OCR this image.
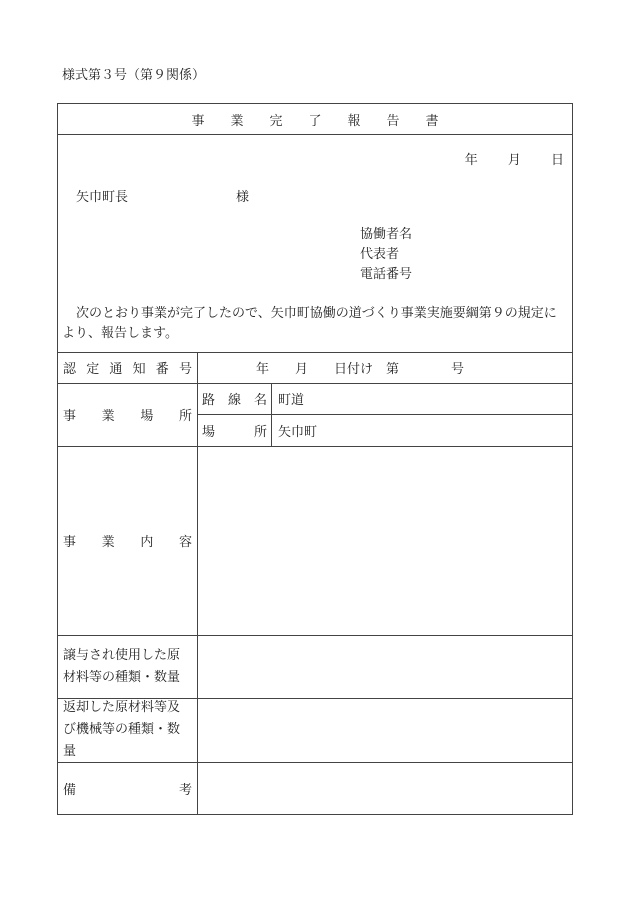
様式第３号（第９関係）
事業完了報告書
年 月 日
矢巾町長	様
協働者名
代表者
電話番号
次のとおり事業が完了したので、矢巾町協働の道づくり事業実施要綱第９の規定により、報告します。
認 定 通 知 番 号	年　　月　　日付け　第　　　　号
事 業 場 所
路 線 名 町道
場	所 矢巾町
事 業 内 容
譲与され使用した原材料等の種類・数量
返却した原材料等及び機械等の種類・数量
備	考
